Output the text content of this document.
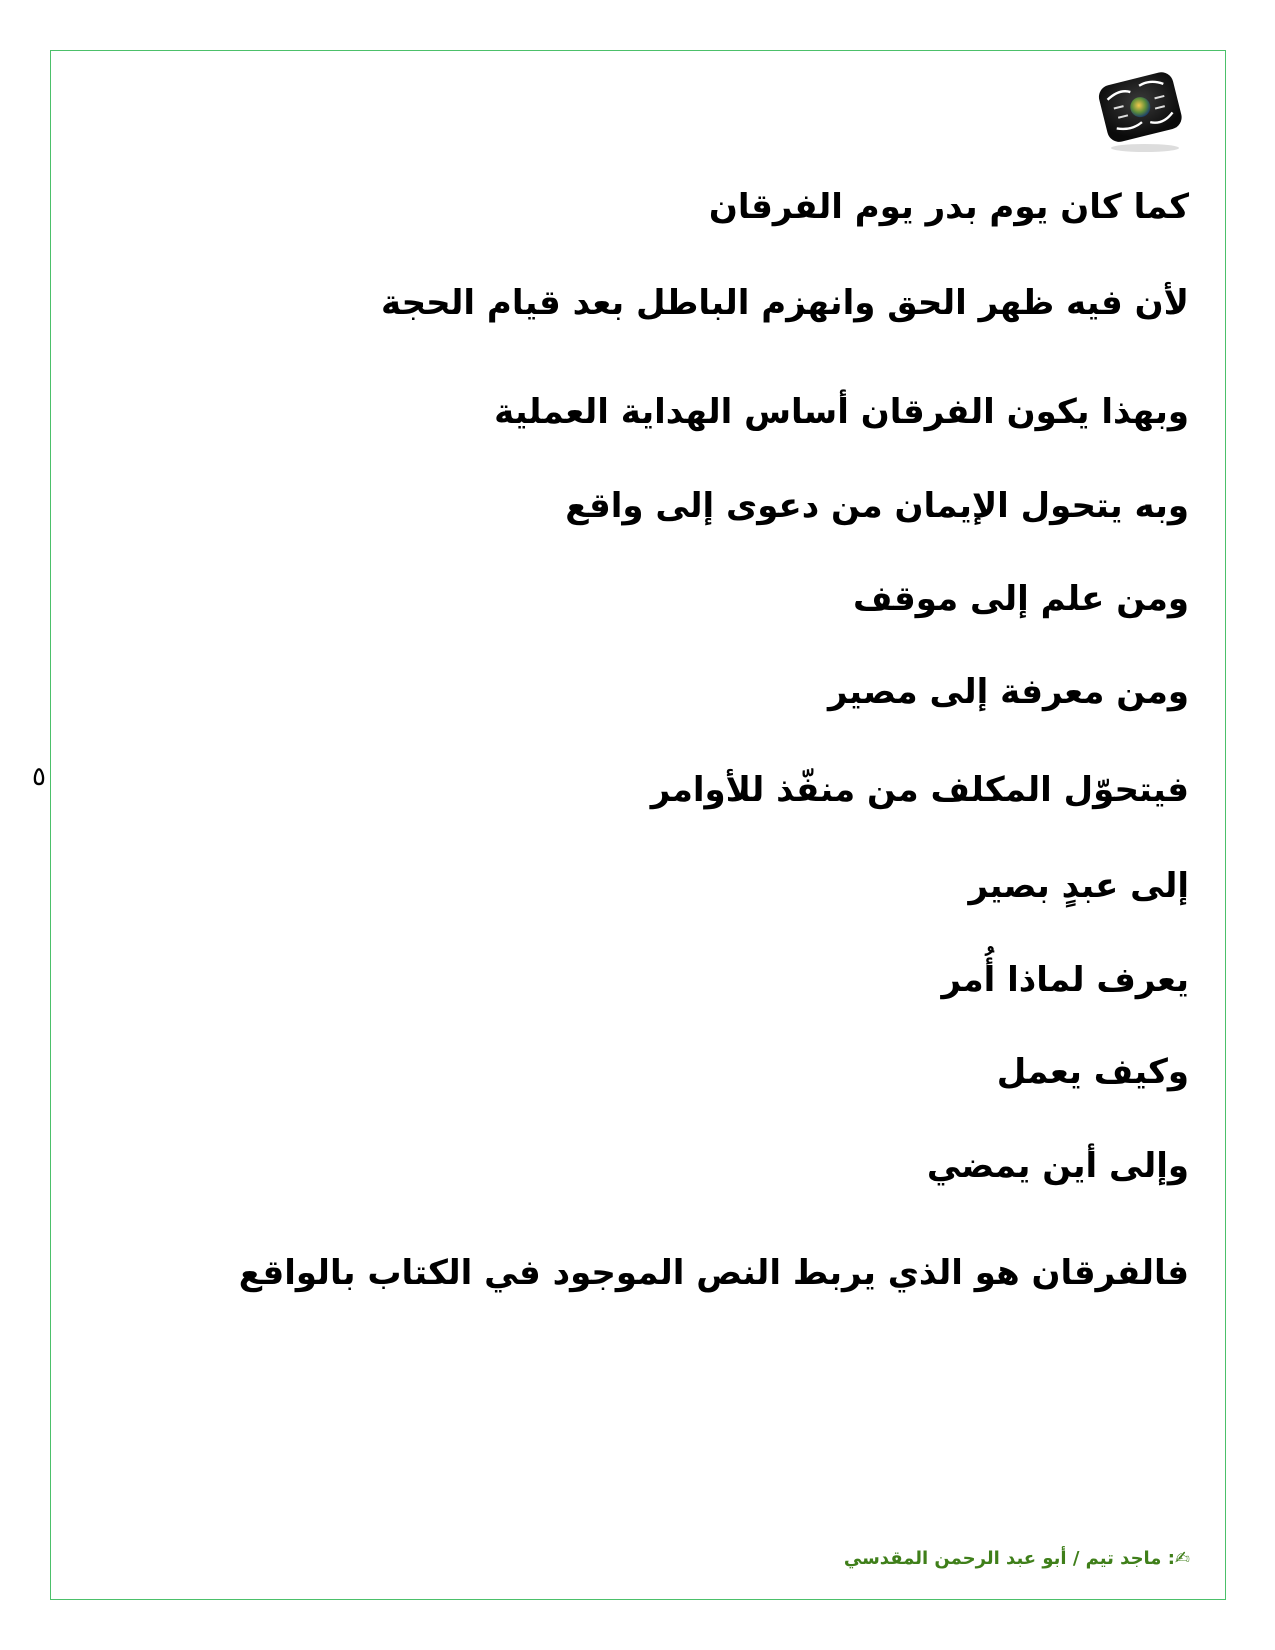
كما كان يوم بدر يوم الفرقان
لأن فيه ظهر الحق وانهزم الباطل بعد قيام الحجة
وبهذا يكون الفرقان أساس الهداية العملية
وبه يتحول الإيمان من دعوى إلى واقع
ومن علم إلى موقف
ومن معرفة إلى مصير
فيتحوّل المكلف من منفّذ للأوامر
إلى عبدٍ بصير
يعرف لماذا أُمر
وكيف يعمل
وإلى أين يمضي
فالفرقان هو الذي يربط النص الموجود في الكتاب بالواقع
٥
✍: ماجد تيم / أبو عبد الرحمن المقدسي
